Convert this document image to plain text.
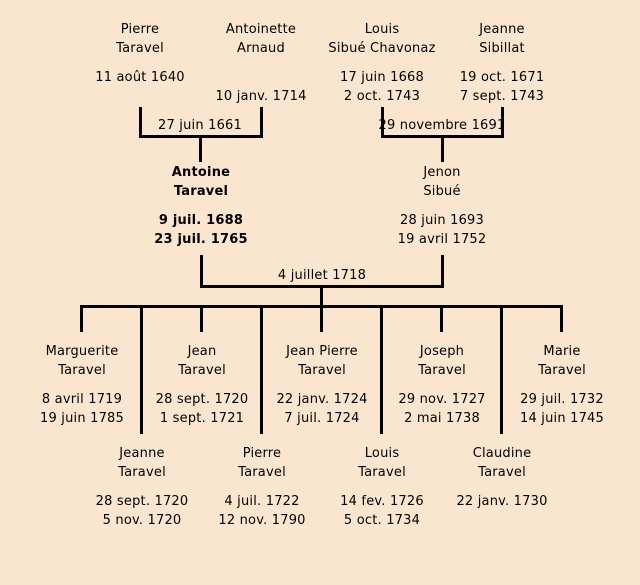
Pierre
Taravel
11 août 1640
Antoinette
Arnaud
10 janv. 1714
Louis
Sibué Chavonaz
17 juin 1668
2 oct. 1743
Jeanne
Sibillat
19 oct. 1671
7 sept. 1743
27 juin 1661	29 novembre 1691
Antoine
Taravel
9 juil. 1688
23 juil. 1765
Jenon
Sibué
28 juin 1693
19 avril 1752
4 juillet 1718
Marguerite
Taravel
8 avril 1719
19 juin 1785
Jean
Taravel
28 sept. 1720
1 sept. 1721
Jean Pierre
Taravel
22 janv. 1724
7 juil. 1724
Joseph
Taravel
29 nov. 1727
2 mai 1738
Marie
Taravel
29 juil. 1732
14 juin 1745
Jeanne
Taravel
28 sept. 1720
5 nov. 1720
Pierre
Taravel
4 juil. 1722
12 nov. 1790
Louis
Taravel
14 fev. 1726
5 oct. 1734
Claudine
Taravel
22 janv. 1730
